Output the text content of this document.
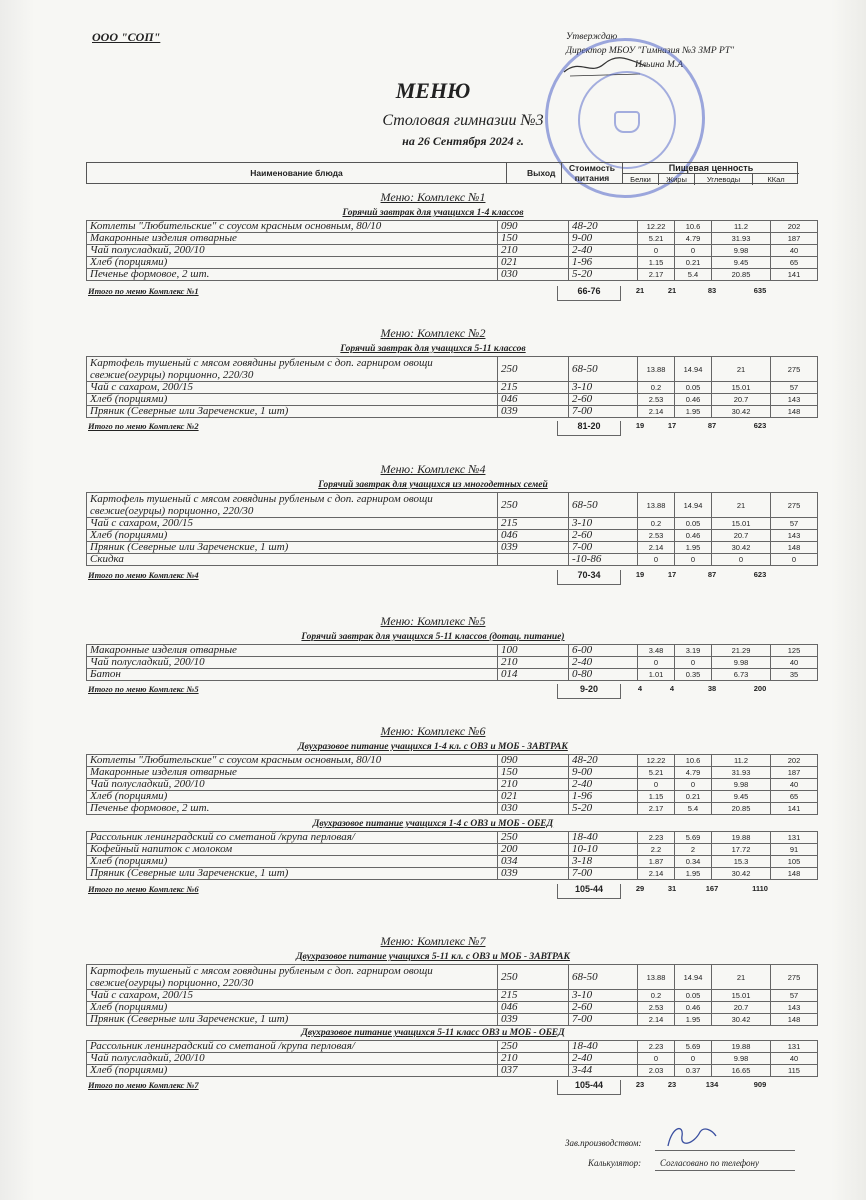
ООО "СОП"	Утверждаю
Директор МБОУ "Гимназия №3 ЗМР РТ"
Ильина М.А
МЕНЮ
Столовая гимназии №3
на 26 Сентября 2024 г.
Наименование блюда	Выход	Стоимость питания
Пищевая ценность
Белки	Жиры	Углеводы	ККал
Меню: Комплекс №1
Горячий завтрак для учащихся 1-4 классов
Котлеты "Любительские" с соусом красным основным, 80/10	090	48-20	12.22	10.6	11.2	202
Макаронные изделия отварные	150	9-00	5.21	4.79	31.93	187
Чай полусладкий, 200/10	210	2-40	0	0	9.98	40
Хлеб (порциями)	021	1-96	1.15	0.21	9.45	65
Печенье формовое, 2 шт.	030	5-20	2.17	5.4	20.85	141
Итого по меню Комплекс №1	66-76	21	21	83	635
Меню: Комплекс №2
Горячий завтрак для учащихся 5-11 классов
Картофель тушеный с мясом говядины рубленым с доп. гарниром овощи свежие(огурцы) порционно, 220/30	250	68-50	13.88	14.94	21	275
Чай с сахаром, 200/15	215	3-10	0.2	0.05	15.01	57
Хлеб (порциями)	046	2-60	2.53	0.46	20.7	143
Пряник (Северные или Зареченские, 1 шт)	039	7-00	2.14	1.95	30.42	148
Итого по меню Комплекс №2	81-20	19	17	87	623
Меню: Комплекс №4
Горячий завтрак для учащихся из многодетных семей
Картофель тушеный с мясом говядины рубленым с доп. гарниром овощи свежие(огурцы) порционно, 220/30	250	68-50	13.88	14.94	21	275
Чай с сахаром, 200/15	215	3-10	0.2	0.05	15.01	57
Хлеб (порциями)	046	2-60	2.53	0.46	20.7	143
Пряник (Северные или Зареченские, 1 шт)	039	7-00	2.14	1.95	30.42	148
Скидка		-10-86	0	0	0	0
Итого по меню Комплекс №4	70-34	19	17	87	623
Меню: Комплекс №5
Горячий завтрак для учащихся 5-11 классов (дотац. питание)
Макаронные изделия отварные	100	6-00	3.48	3.19	21.29	125
Чай полусладкий, 200/10	210	2-40	0	0	9.98	40
Батон	014	0-80	1.01	0.35	6.73	35
Итого по меню Комплекс №5	9-20	4	4	38	200
Меню: Комплекс №6
Двухразовое питание учащихся 1-4 кл. с ОВЗ и МОБ - ЗАВТРАК
Котлеты "Любительские" с соусом красным основным, 80/10	090	48-20	12.22	10.6	11.2	202
Макаронные изделия отварные	150	9-00	5.21	4.79	31.93	187
Чай полусладкий, 200/10	210	2-40	0	0	9.98	40
Хлеб (порциями)	021	1-96	1.15	0.21	9.45	65
Печенье формовое, 2 шт.	030	5-20	2.17	5.4	20.85	141
Двухразовое питание учащихся 1-4 с ОВЗ и МОБ - ОБЕД
Рассольник ленинградский со сметаной /крупа перловая/	250	18-40	2.23	5.69	19.88	131
Кофейный напиток с молоком	200	10-10	2.2	2	17.72	91
Хлеб (порциями)	034	3-18	1.87	0.34	15.3	105
Пряник (Северные или Зареченские, 1 шт)	039	7-00	2.14	1.95	30.42	148
Итого по меню Комплекс №6	105-44	29	31	167	1110
Меню: Комплекс №7
Двухразовое питание учащихся 5-11 кл. с ОВЗ и МОБ - ЗАВТРАК
Картофель тушеный с мясом говядины рубленым с доп. гарниром овощи свежие(огурцы) порционно, 220/30	250	68-50	13.88	14.94	21	275
Чай с сахаром, 200/15	215	3-10	0.2	0.05	15.01	57
Хлеб (порциями)	046	2-60	2.53	0.46	20.7	143
Пряник (Северные или Зареченские, 1 шт)	039	7-00	2.14	1.95	30.42	148
Двухразовое питание учащихся 5-11 класс ОВЗ и МОБ - ОБЕД
Рассольник ленинградский со сметаной /крупа перловая/	250	18-40	2.23	5.69	19.88	131
Чай полусладкий, 200/10	210	2-40	0	0	9.98	40
Хлеб (порциями)	037	3-44	2.03	0.37	16.65	115
Итого по меню Комплекс №7	105-44	23	23	134	909
Зав.производством:
Калькулятор: Согласовано по телефону
